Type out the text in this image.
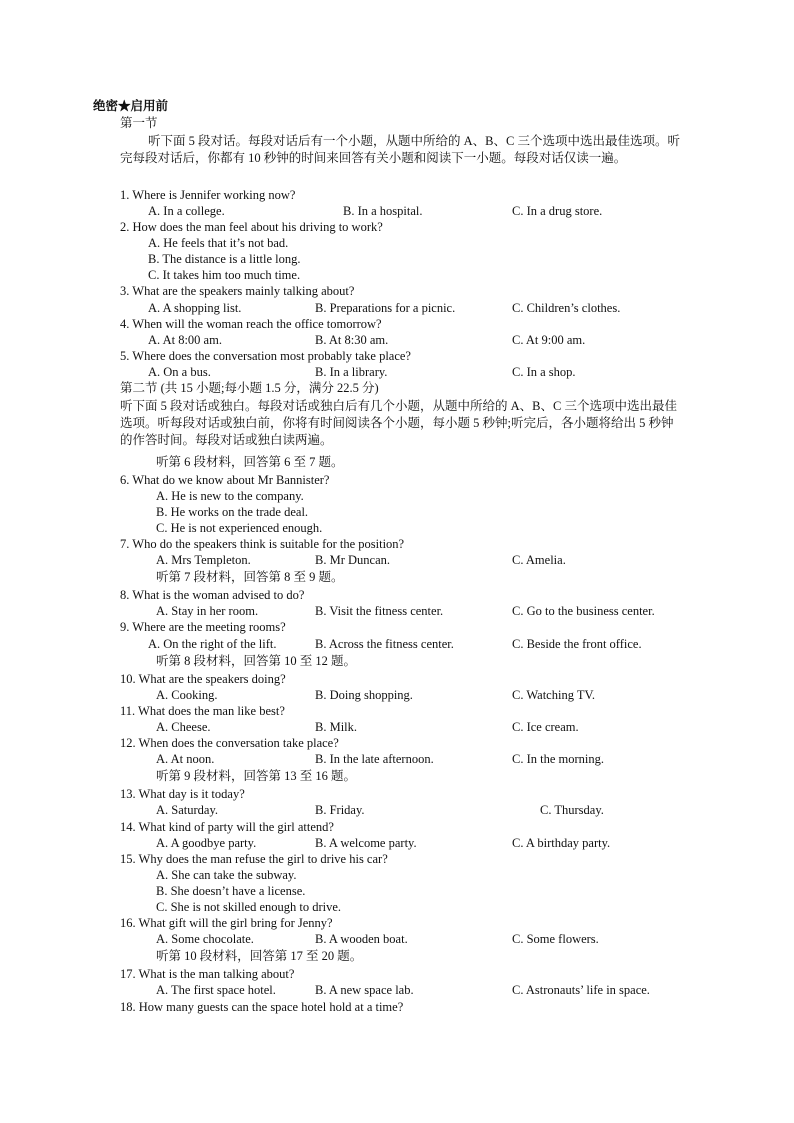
绝密★启用前
第一节
听下面 5 段对话。每段对话后有一个小题，从题中所给的 A、B、C 三个选项中选出最佳选项。听完每段对话后，你都有 10 秒钟的时间来回答有关小题和阅读下一小题。每段对话仅读一遍。
1. Where is Jennifer working now?
A. In a college.	B. In a hospital.	C. In a drug store.
2. How does the man feel about his driving to work?
A. He feels that it’s not bad.
B. The distance is a little long.
C. It takes him too much time.
3. What are the speakers mainly talking about?
A. A shopping list.	B. Preparations for a picnic.	C. Children’s clothes.
4. When will the woman reach the office tomorrow?
A. At 8:00 am.	B. At 8:30 am.	C. At 9:00 am.
5. Where does the conversation most probably take place?
A. On a bus.	B. In a library.	C. In a shop.
第二节 (共 15 小题;每小题 1.5 分，满分 22.5 分)
听下面 5 段对话或独白。每段对话或独白后有几个小题，从题中所给的 A、B、C 三个选项中选出最佳选项。听每段对话或独白前，你将有时间阅读各个小题，每小题 5 秒钟;听完后，各小题将给出 5 秒钟的作答时间。每段对话或独白读两遍。
听第 6 段材料，回答第 6 至 7 题。
6. What do we know about Mr Bannister?
A. He is new to the company.
B. He works on the trade deal.
C. He is not experienced enough.
7. Who do the speakers think is suitable for the position?
A. Mrs Templeton.	B. Mr Duncan.	C. Amelia.
听第 7 段材料，回答第 8 至 9 题。
8. What is the woman advised to do?
A. Stay in her room.	B. Visit the fitness center.	C. Go to the business center.
9. Where are the meeting rooms?
A. On the right of the lift.	B. Across the fitness center.	C. Beside the front office.
听第 8 段材料，回答第 10 至 12 题。
10. What are the speakers doing?
A. Cooking.	B. Doing shopping.	C. Watching TV.
11. What does the man like best?
A. Cheese.	B. Milk.	C. Ice cream.
12. When does the conversation take place?
A. At noon.	B. In the late afternoon.	C. In the morning.
听第 9 段材料，回答第 13 至 16 题。
13. What day is it today?
A. Saturday.	B. Friday.	C. Thursday.
14. What kind of party will the girl attend?
A. A goodbye party.	B. A welcome party.	C. A birthday party.
15. Why does the man refuse the girl to drive his car?
A. She can take the subway.
B. She doesn’t have a license.
C. She is not skilled enough to drive.
16. What gift will the girl bring for Jenny?
A. Some chocolate.	B. A wooden boat.	C. Some flowers.
听第 10 段材料，回答第 17 至 20 题。
17. What is the man talking about?
A. The first space hotel.	B. A new space lab.	C. Astronauts’ life in space.
18. How many guests can the space hotel hold at a time?
